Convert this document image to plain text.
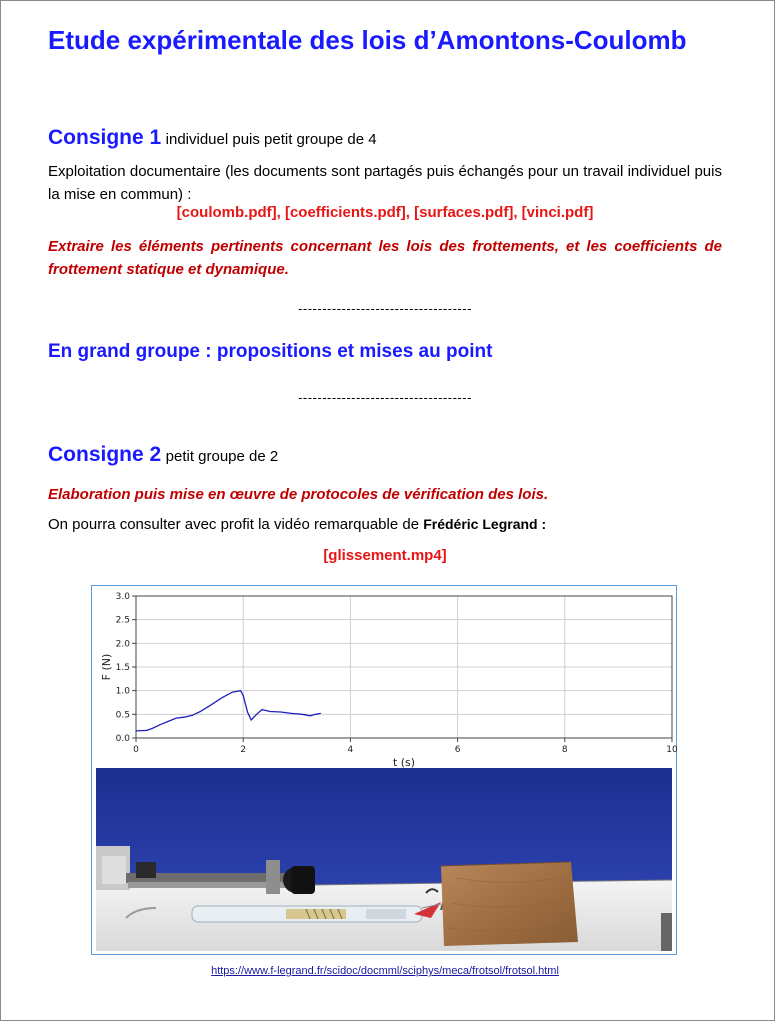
Etude expérimentale des lois d’Amontons-Coulomb

Consigne 1 individuel puis petit groupe de 4

Exploitation documentaire (les documents sont partagés puis échangés pour un travail individuel puis la mise en commun) :

[coulomb.pdf], [coefficients.pdf], [surfaces.pdf], [vinci.pdf]

Extraire les éléments pertinents concernant les lois des frottements, et les coefficients de frottement statique et dynamique.

------------------------------------

En grand groupe : propositions et mises au point

------------------------------------

Consigne 2 petit groupe de 2

Elaboration puis mise en œuvre de protocoles de vérification des lois.

On pourra consulter avec profit la vidéo remarquable de Frédéric Legrand :

[glissement.mp4]

0	2	4	6	8	10
0.0
0.5
1.0
1.5
2.0
2.5
3.0
t (s)
F (N)

https://www.f-legrand.fr/scidoc/docmml/sciphys/meca/frotsol/frotsol.html
